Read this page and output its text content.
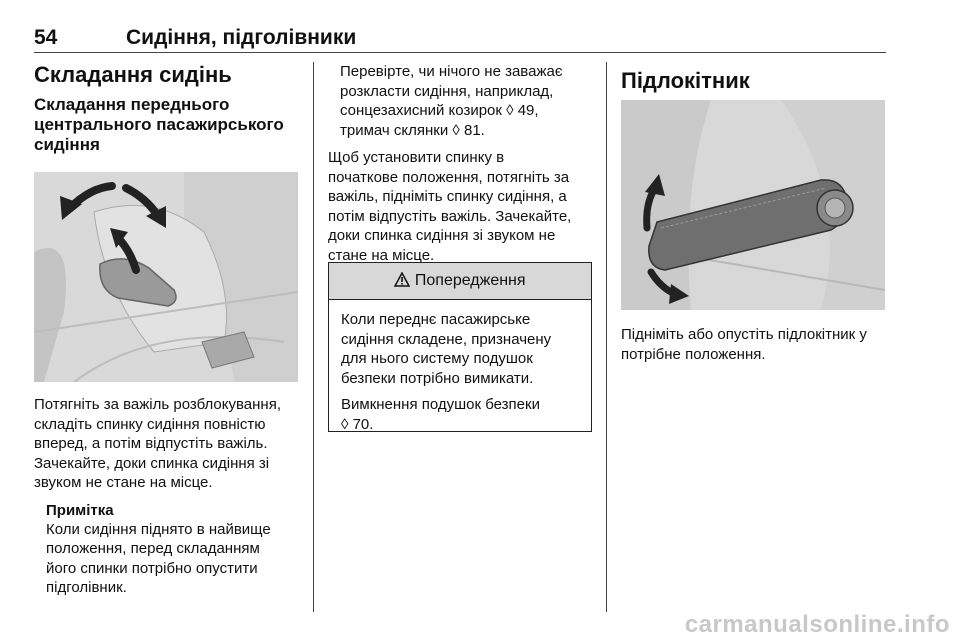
54	Сидіння, підголівники
Складання сидінь
Складання переднього
центрального пасажирського
сидіння

Потягніть за важіль розблокування,
складіть спинку сидіння повністю
вперед, а потім відпустіть важіль.
Зачекайте, доки спинка сидіння зі
звуком не стане на місце.

Примітка

Коли сидіння піднято в найвище
положення, перед складанням
його спинки потрібно опустити
підголівник.

Перевірте, чи нічого не заважає
розкласти сидіння, наприклад,
сонцезахисний козирок ◊ 49,
тримач склянки ◊ 81.

Щоб установити спинку в
початкове положення, потягніть за
важіль, підніміть спинку сидіння, а
потім відпустіть важіль. Зачекайте,
доки спинка сидіння зі звуком не
стане на місце.

Попередження

Коли переднє пасажирське
сидіння складене, призначену
для нього систему подушок
безпеки потрібно вимикати.

Вимкнення подушок безпеки
◊ 70.

Підлокітник

Підніміть або опустіть підлокітник у
потрібне положення.

carmanualsonline.info
